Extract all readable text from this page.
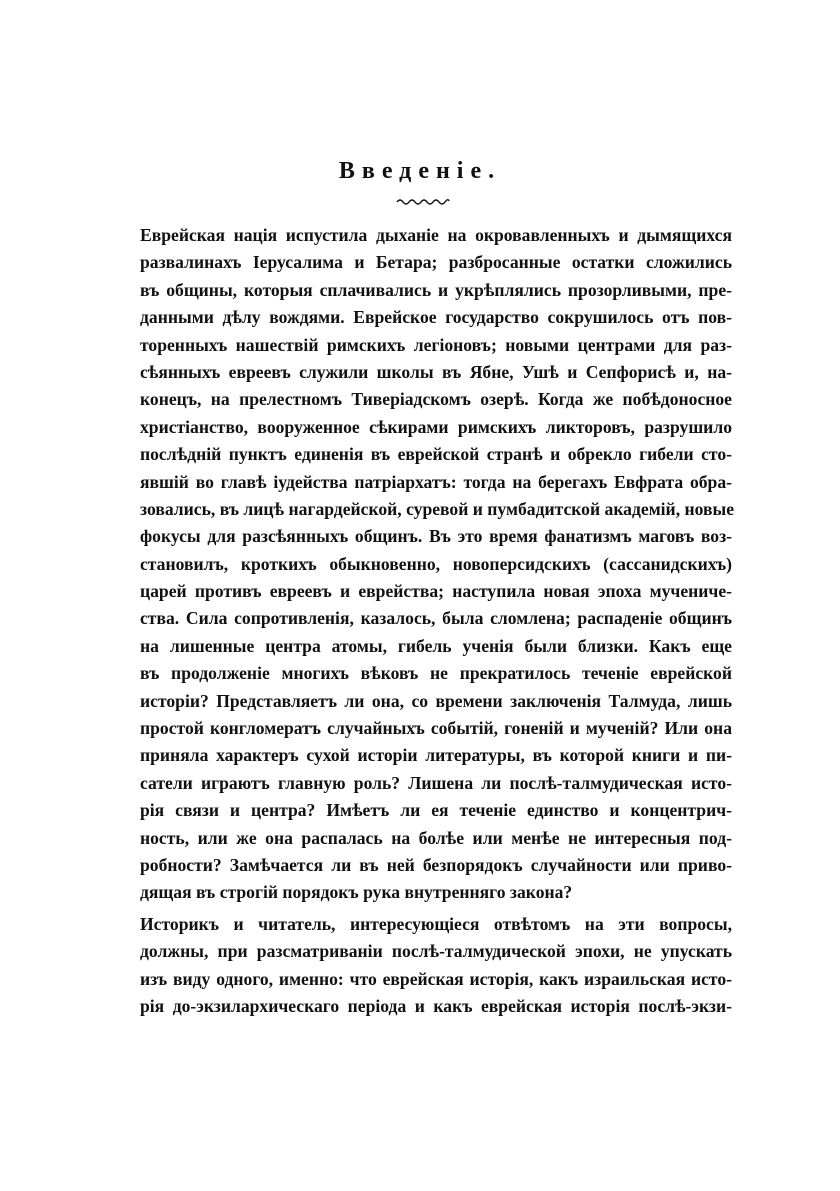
Введенiе.
Еврейская нацiя испустила дыханiе на окровавленныхъ и дымящихся
развалинахъ Iерусалима и Бетара; разбросанные остатки сложились
въ общины, которыя сплачивались и укрѣплялись прозорливыми, пре-
данными дѣлу вождями. Еврейское государство сокрушилось отъ пов-
торенныхъ нашествiй римскихъ легiоновъ; новыми центрами для раз-
сѣянныхъ евреевъ служили школы въ Ябне, Ушѣ и Сепфорисѣ и, на-
конецъ, на прелестномъ Тиверiадскомъ озерѣ. Когда же побѣдоносное
христiанство, вооруженное сѣкирами римскихъ ликторовъ, разрушило
послѣднiй пунктъ единенiя въ еврейской странѣ и обрекло гибели сто-
явшiй во главѣ iудейства патрiархатъ: тогда на берегахъ Евфрата обра-
зовались, въ лицѣ нагардейской, суревой и пумбадитской академiй, новые
фокусы для разсѣянныхъ общинъ. Въ это время фанатизмъ маговъ воз-
становилъ, кроткихъ обыкновенно, новоперсидскихъ (сассанидскихъ)
царей противъ евреевъ и еврейства; наступила новая эпоха мучениче-
ства. Сила сопротивленiя, казалось, была сломлена; распаденiе общинъ
на лишенные центра атомы, гибель ученiя были близки. Какъ еще
въ продолженiе многихъ вѣковъ не прекратилось теченiе еврейской
исторiи? Представляетъ ли она, со времени заключенiя Талмуда, лишь
простой конгломератъ случайныхъ событiй, гоненiй и мученiй? Или она
приняла характеръ сухой исторiи литературы, въ которой книги и пи-
сатели играютъ главную роль? Лишена ли послѣ-талмудическая исто-
рiя связи и центра? Имѣетъ ли ея теченiе единство и концентрич-
ность, или же она распалась на болѣе или менѣе не интересныя под-
робности? Замѣчается ли въ ней безпорядокъ случайности или приво-
дящая въ строгiй порядокъ рука внутренняго закона?
Историкъ и читатель, интересующiеся отвѣтомъ на эти вопросы,
должны, при разсматриванiи послѣ-талмудической эпохи, не упускать
изъ виду одного, именно: что еврейская исторiя, какъ израильская исто-
рiя до-экзилархическаго перiода и какъ еврейская исторiя послѣ-экзи-
